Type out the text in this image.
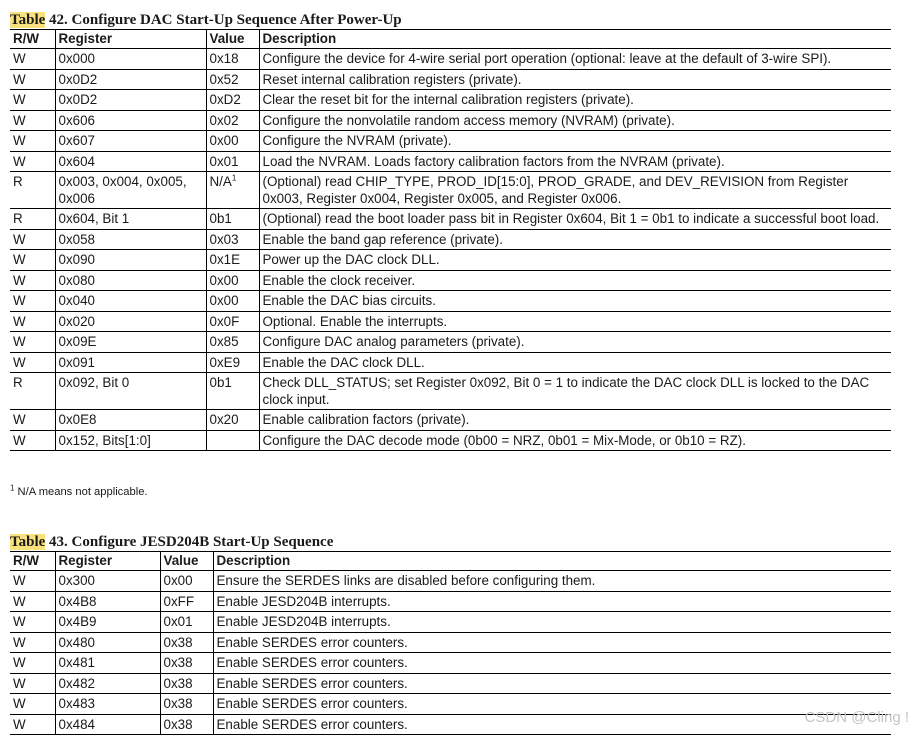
Table 42. Configure DAC Start-Up Sequence After Power-Up
R/W	Register	Value	Description
W	0x000	0x18	Configure the device for 4-wire serial port operation (optional: leave at the default of 3-wire SPI).
W	0x0D2	0x52	Reset internal calibration registers (private).
W	0x0D2	0xD2	Clear the reset bit for the internal calibration registers (private).
W	0x606	0x02	Configure the nonvolatile random access memory (NVRAM) (private).
W	0x607	0x00	Configure the NVRAM (private).
W	0x604	0x01	Load the NVRAM. Loads factory calibration factors from the NVRAM (private).
R	0x003, 0x004, 0x005, 0x006	$N/A^1$	(Optional) read CHIP_TYPE, PROD_ID[15:0], PROD_GRADE, and DEV_REVISION from Register 0x003, Register 0x004, Register 0x005, and Register 0x006.
R	0x604, Bit 1	0b1	(Optional) read the boot loader pass bit in Register 0x604, Bit 1 = 0b1 to indicate a successful boot load.
W	0x058	0x03	Enable the band gap reference (private).
W	0x090	0x1E	Power up the DAC clock DLL.
W	0x080	0x00	Enable the clock receiver.
W	0x040	0x00	Enable the DAC bias circuits.
W	0x020	0x0F	Optional. Enable the interrupts.
W	0x09E	0x85	Configure DAC analog parameters (private).
W	0x091	0xE9	Enable the DAC clock DLL.
R	0x092, Bit 0	0b1	Check DLL_STATUS; set Register 0x092, Bit 0 = 1 to indicate the DAC clock DLL is locked to the DAC clock input.
W	0x0E8	0x20	Enable calibration factors (private).
W	0x152, Bits[1:0]		Configure the DAC decode mode (0b00 = NRZ, 0b01 = Mix-Mode, or 0b10 = RZ).
$^1$ N/A means not applicable.
Table 43. Configure JESD204B Start-Up Sequence
R/W	Register	Value	Description
W	0x300	0x00	Ensure the SERDES links are disabled before configuring them.
W	0x4B8	0xFF	Enable JESD204B interrupts.
W	0x4B9	0x01	Enable JESD204B interrupts.
W	0x480	0x38	Enable SERDES error counters.
W	0x481	0x38	Enable SERDES error counters.
W	0x482	0x38	Enable SERDES error counters.
W	0x483	0x38	Enable SERDES error counters.
W	0x484	0x38	Enable SERDES error counters.	CSDN @Cling !
